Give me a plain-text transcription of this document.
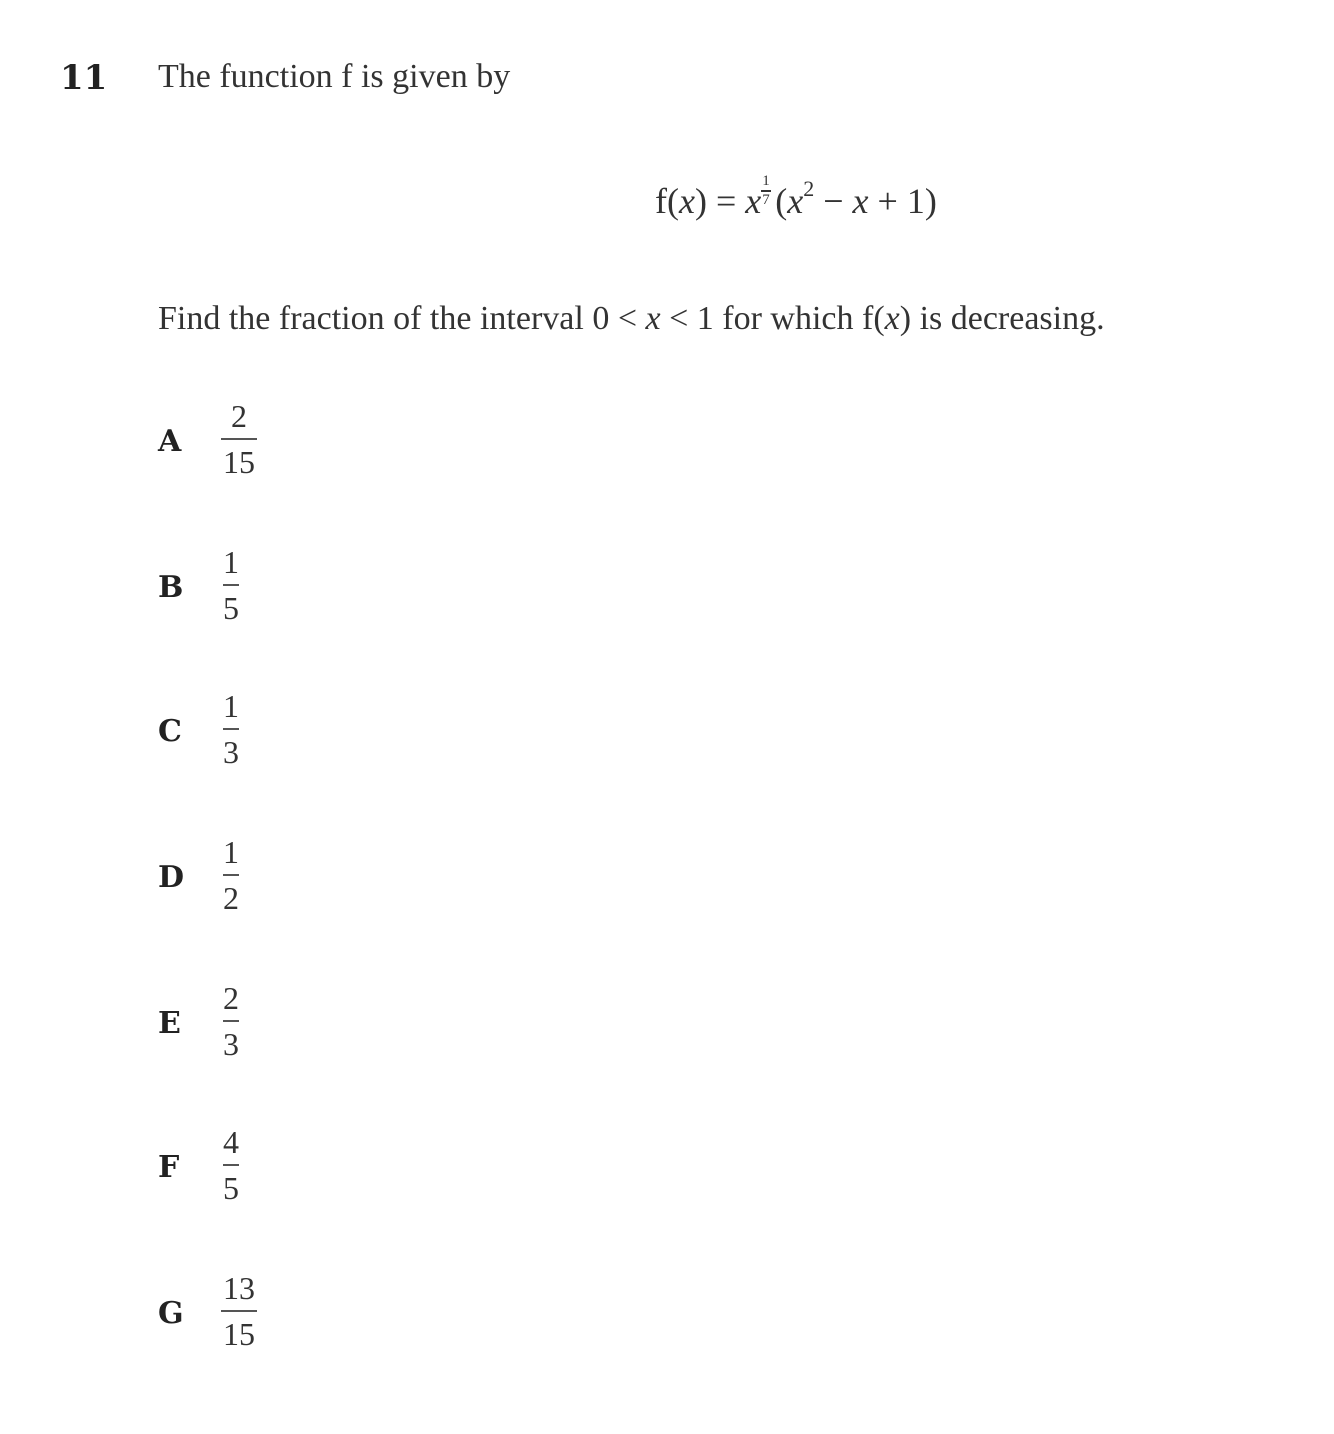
11 The function f is given by
f(x) = x $\frac{1}{7} (x^2 - x + 1)$
Find the fraction of the interval 0 < x < 1 for which f(x) is decreasing.
A
2
15
B
1
5
C
1
3
D
1
2
E
2
3
F
4
5
G
13
15
